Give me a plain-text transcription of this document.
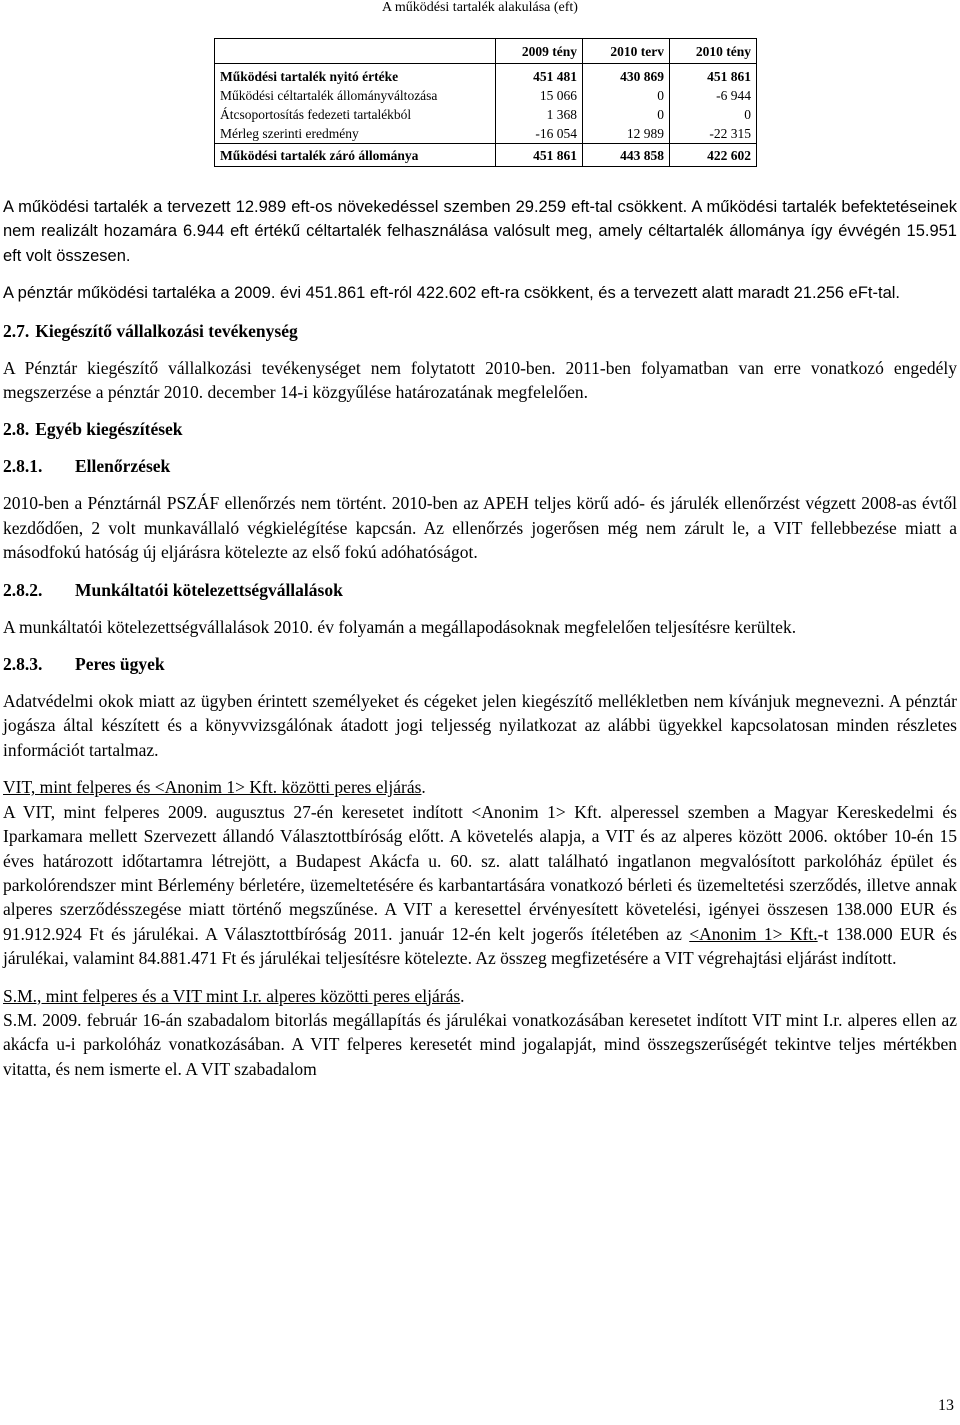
A működési tartalék alakulása (eft)
	2009 tény	2010 terv	2010 tény
Működési tartalék nyitó értéke	451 481	430 869	451 861
Működési céltartalék állományváltozása	15 066	0	-6 944
Átcsoportosítás fedezeti tartalékból	1 368	0	0
Mérleg szerinti eredmény	-16 054	12 989	-22 315
Működési tartalék záró állománya	451 861	443 858	422 602

A működési tartalék a tervezett 12.989 eft-os növekedéssel szemben 29.259 eft-tal csökkent. A működési tartalék befektetéseinek nem realizált hozamára 6.944 eft értékű céltartalék felhasználása valósult meg, amely céltartalék állománya így évvégén 15.951 eft volt összesen.

A pénztár működési tartaléka a 2009. évi 451.861 eft-ról 422.602 eft-ra csökkent, és a tervezett alatt maradt 21.256 eFt-tal.

2.7. Kiegészítő vállalkozási tevékenység

A Pénztár kiegészítő vállalkozási tevékenységet nem folytatott 2010-ben. 2011-ben folyamatban van erre vonatkozó engedély megszerzése a pénztár 2010. december 14-i közgyűlése határozatának megfelelően.

2.8. Egyéb kiegészítések
2.8.1. Ellenőrzések

2010-ben a Pénztárnál PSZÁF ellenőrzés nem történt. 2010-ben az APEH teljes körű adó- és járulék ellenőrzést végzett 2008-as évtől kezdődően, 2 volt munkavállaló végkielégítése kapcsán. Az ellenőrzés jogerősen még nem zárult le, a VIT fellebbezése miatt a másodfokú hatóság új eljárásra kötelezte az első fokú adóhatóságot.

2.8.2. Munkáltatói kötelezettségvállalások

A munkáltatói kötelezettségvállalások 2010. év folyamán a megállapodásoknak megfelelően teljesítésre kerültek.

2.8.3. Peres ügyek

Adatvédelmi okok miatt az ügyben érintett személyeket és cégeket jelen kiegészítő mellékletben nem kívánjuk megnevezni. A pénztár jogásza által készített és a könyvvizsgálónak átadott jogi teljesség nyilatkozat az alábbi ügyekkel kapcsolatosan minden részletes információt tartalmaz.

VIT, mint felperes és <Anonim 1> Kft. közötti peres eljárás.

A VIT, mint felperes 2009. augusztus 27-én keresetet indított <Anonim 1> Kft. alperessel szemben a Magyar Kereskedelmi és Iparkamara mellett Szervezett állandó Választottbíróság előtt. A követelés alapja, a VIT és az alperes között 2006. október 10-én 15 éves határozott időtartamra létrejött, a Budapest Akácfa u. 60. sz. alatt található ingatlanon megvalósított parkolóház épület és parkolórendszer mint Bérlemény bérletére, üzemeltetésére és karbantartására vonatkozó bérleti és üzemeltetési szerződés, illetve annak alperes szerződésszegése miatt történő megszűnése. A VIT a keresettel érvényesített követelési, igényei összesen 138.000 EUR és 91.912.924 Ft és járulékai. A Választottbíróság 2011. január 12-én kelt jogerős ítéletében az <Anonim 1> Kft.-t 138.000 EUR és járulékai, valamint 84.881.471 Ft és járulékai teljesítésre kötelezte. Az összeg megfizetésére a VIT végrehajtási eljárást indított.

S.M., mint felperes és a VIT mint I.r. alperes közötti peres eljárás.

S.M. 2009. február 16-án szabadalom bitorlás megállapítás és járulékai vonatkozásában keresetet indított VIT mint I.r. alperes ellen az akácfa u-i parkolóház vonatkozásában. A VIT felperes keresetét mind jogalapját, mind összegszerűségét tekintve teljes mértékben vitatta, és nem ismerte el. A VIT szabadalom

13
